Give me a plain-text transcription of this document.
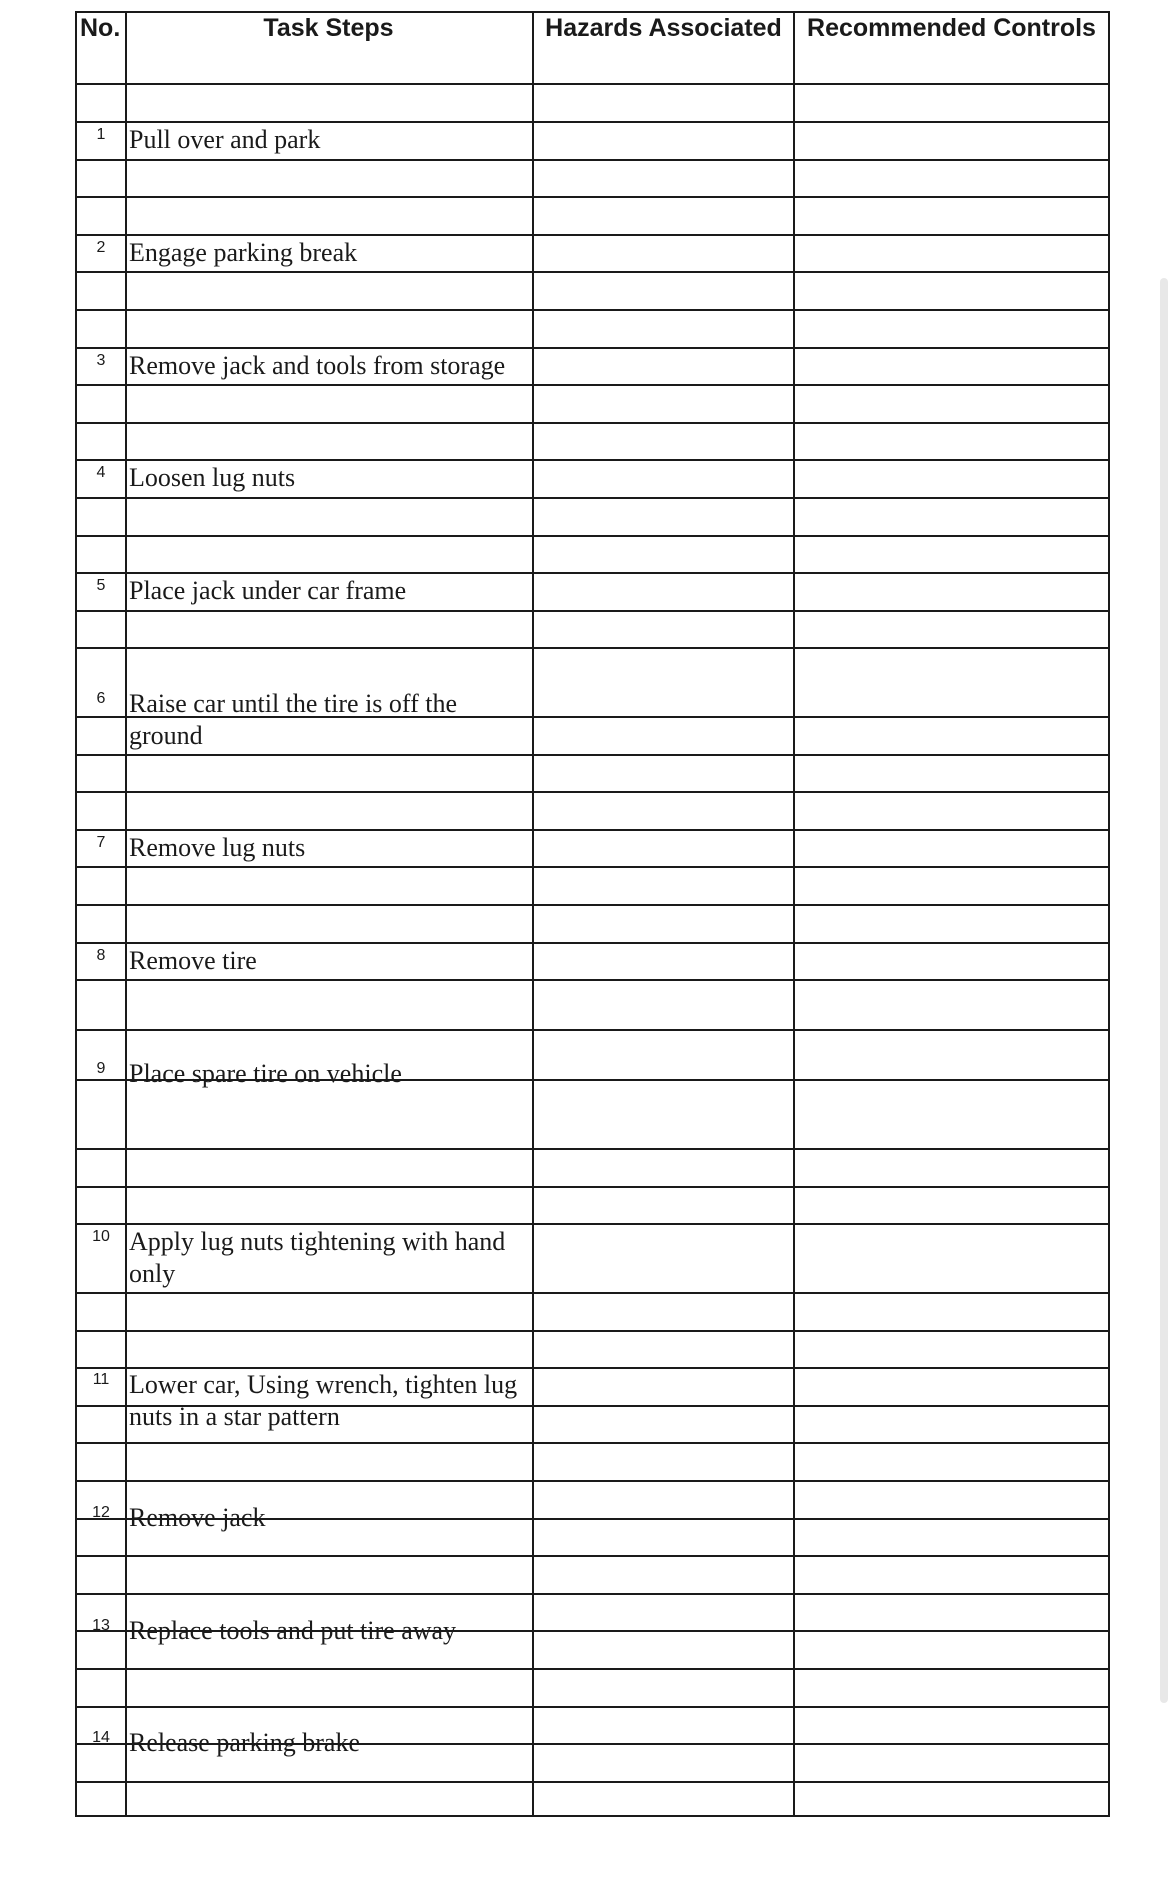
No.	Task Steps	Hazards Associated	Recommended Controls
1 Pull over and park
2 Engage parking break
3 Remove jack and tools from storage
4 Loosen lug nuts
5 Place jack under car frame
6 Raise car until the tire is off the ground
7 Remove lug nuts
8 Remove tire
9 Place spare tire on vehicle
10 Apply lug nuts tightening with hand only
11 Lower car, Using wrench, tighten lug nuts in a star pattern
12 Remove jack
13 Replace tools and put tire away
14 Release parking brake
